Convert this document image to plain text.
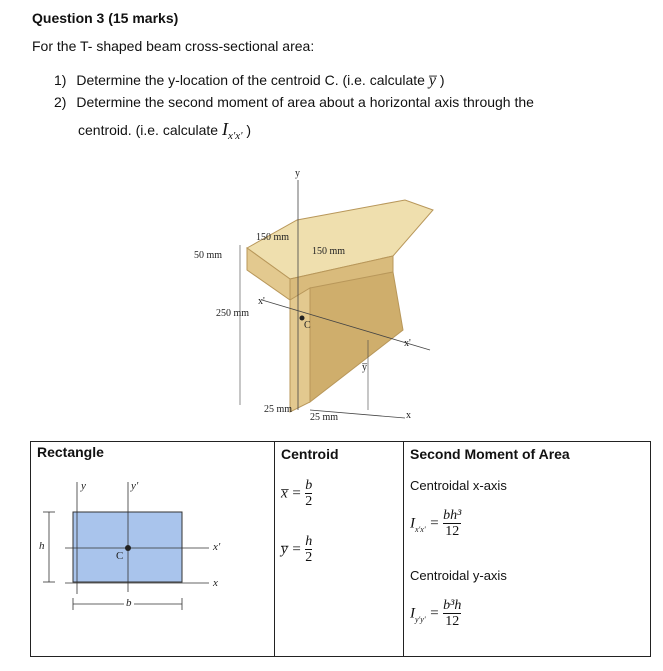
Question 3 (15 marks)
For the T- shaped beam cross-sectional area:
1) Determine the y-location of the centroid C. (i.e. calculate y̅ )
2) Determine the second moment of area about a horizontal axis through the
centroid. (i.e. calculate $I_{x'x'}$ )
y
150 mm
150 mm
50 mm
250 mm
x'
C
x'
y̅
25 mm
25 mm	x
Rectangle
y	y'
h
C
x'
x
b

Centroid
x̅ = $\frac{b}{2}$
y̅ = $\frac{h}{2}$

Second Moment of Area
Centroidal x-axis
$I_{x'x'} = \frac{\text{bh³}}{12}$
Centroidal y-axis
$I_{y'y'} = \frac{\text{b³h}}{12}$
